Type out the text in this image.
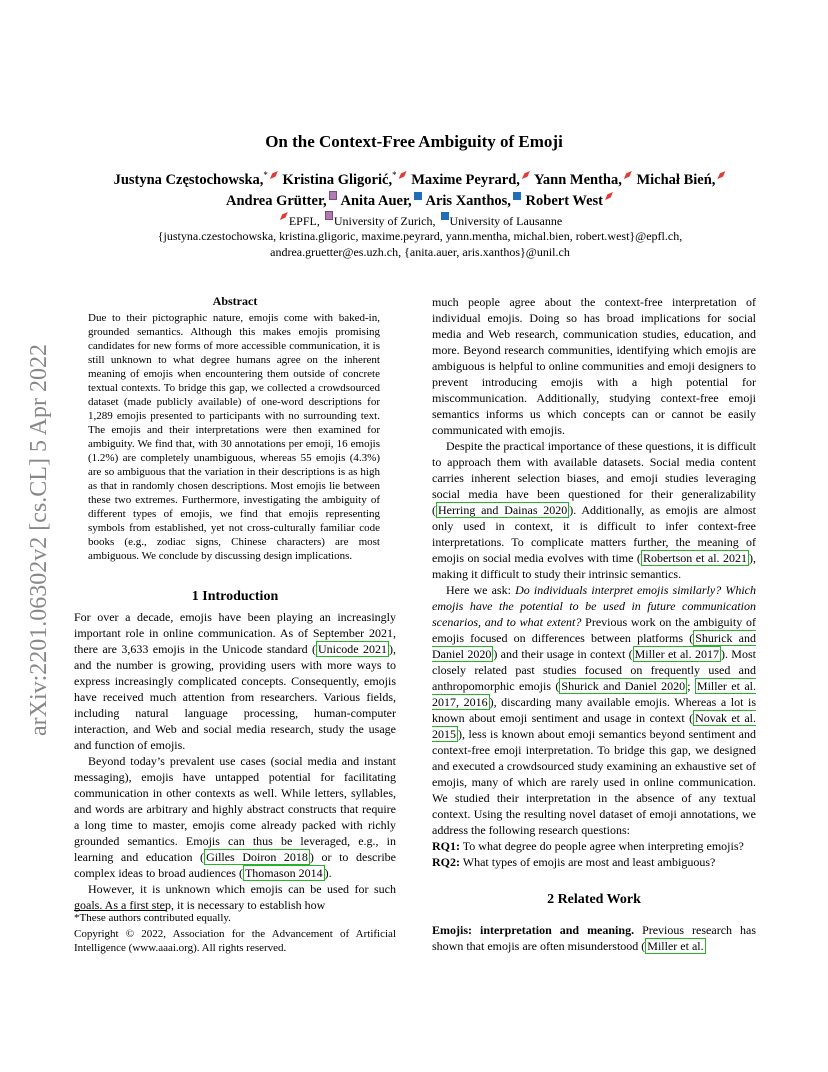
arXiv:2201.06302v2 [cs.CL] 5 Apr 2022
On the Context-Free Ambiguity of Emoji
Justyna Częstochowska,* Kristina Gligorić,* Maxime Peyrard, Yann Mentha, Michał Bień,
Andrea Grütter, Anita Auer, Aris Xanthos, Robert West
EPFL, University of Zurich, University of Lausanne
{justyna.czestochowska, kristina.gligoric, maxime.peyrard, yann.mentha, michal.bien, robert.west}@epfl.ch,
andrea.gruetter@es.uzh.ch, {anita.auer, aris.xanthos}@unil.ch
Abstract
Due to their pictographic nature, emojis come with baked-in, grounded semantics. Although this makes emojis promising candidates for new forms of more accessible communication, it is still unknown to what degree humans agree on the inherent meaning of emojis when encountering them outside of concrete textual contexts. To bridge this gap, we collected a crowdsourced dataset (made publicly available) of one-word descriptions for 1,289 emojis presented to participants with no surrounding text. The emojis and their interpretations were then examined for ambiguity. We find that, with 30 annotations per emoji, 16 emojis (1.2%) are completely unambiguous, whereas 55 emojis (4.3%) are so ambiguous that the variation in their descriptions is as high as that in randomly chosen descriptions. Most emojis lie between these two extremes. Furthermore, investigating the ambiguity of different types of emojis, we find that emojis representing symbols from established, yet not cross-culturally familiar code books (e.g., zodiac signs, Chinese characters) are most ambiguous. We conclude by discussing design implications.
1 Introduction

For over a decade, emojis have been playing an increasingly important role in online communication. As of September 2021, there are 3,633 emojis in the Unicode standard ( Unicode 2021 ), and the number is growing, providing users with more ways to express increasingly complicated concepts. Consequently, emojis have received much attention from researchers. Various fields, including natural language processing, human-computer interaction, and Web and social media research, study the usage and function of emojis.

Beyond today’s prevalent use cases (social media and instant messaging), emojis have untapped potential for facilitating communication in other contexts as well. While letters, syllables, and words are arbitrary and highly abstract constructs that require a long time to master, emojis come already packed with richly grounded semantics. Emojis can thus be leveraged, e.g., in learning and education ( Gilles Doiron 2018 ) or to describe complex ideas to broad audiences ( Thomason 2014 ).

However, it is unknown which emojis can be used for such goals. As a first step, it is necessary to establish how

*These authors contributed equally.
Copyright © 2022, Association for the Advancement of Artificial Intelligence (www.aaai.org). All rights reserved.

much people agree about the context-free interpretation of individual emojis. Doing so has broad implications for social media and Web research, communication studies, education, and more. Beyond research communities, identifying which emojis are ambiguous is helpful to online communities and emoji designers to prevent introducing emojis with a high potential for miscommunication. Additionally, studying context-free emoji semantics informs us which concepts can or cannot be easily communicated with emojis.

Despite the practical importance of these questions, it is difficult to approach them with available datasets. Social media content carries inherent selection biases, and emoji studies leveraging social media have been questioned for their generalizability ( Herring and Dainas 2020 ). Additionally, as emojis are almost only used in context, it is difficult to infer context-free interpretations. To complicate matters further, the meaning of emojis on social media evolves with time ( Robertson et al. 2021 ), making it difficult to study their intrinsic semantics.

Here we ask: Do individuals interpret emojis similarly? Which emojis have the potential to be used in future communication scenarios, and to what extent? Previous work on the ambiguity of emojis focused on differences between platforms ( Shurick and Daniel 2020 ) and their usage in context ( Miller et al. 2017 ). Most closely related past studies focused on frequently used and anthropomorphic emojis ( Shurick and Daniel 2020 ; Miller et al. 2017, 2016 ), discarding many available emojis. Whereas a lot is known about emoji sentiment and usage in context ( Novak et al. 2015 ), less is known about emoji semantics beyond sentiment and context-free emoji interpretation. To bridge this gap, we designed and executed a crowdsourced study examining an exhaustive set of emojis, many of which are rarely used in online communication. We studied their interpretation in the absence of any textual context. Using the resulting novel dataset of emoji annotations, we address the following research questions:

RQ1: To what degree do people agree when interpreting emojis?

RQ2: What types of emojis are most and least ambiguous?

2 Related Work

Emojis: interpretation and meaning. Previous research has shown that emojis are often misunderstood ( Miller et al.
